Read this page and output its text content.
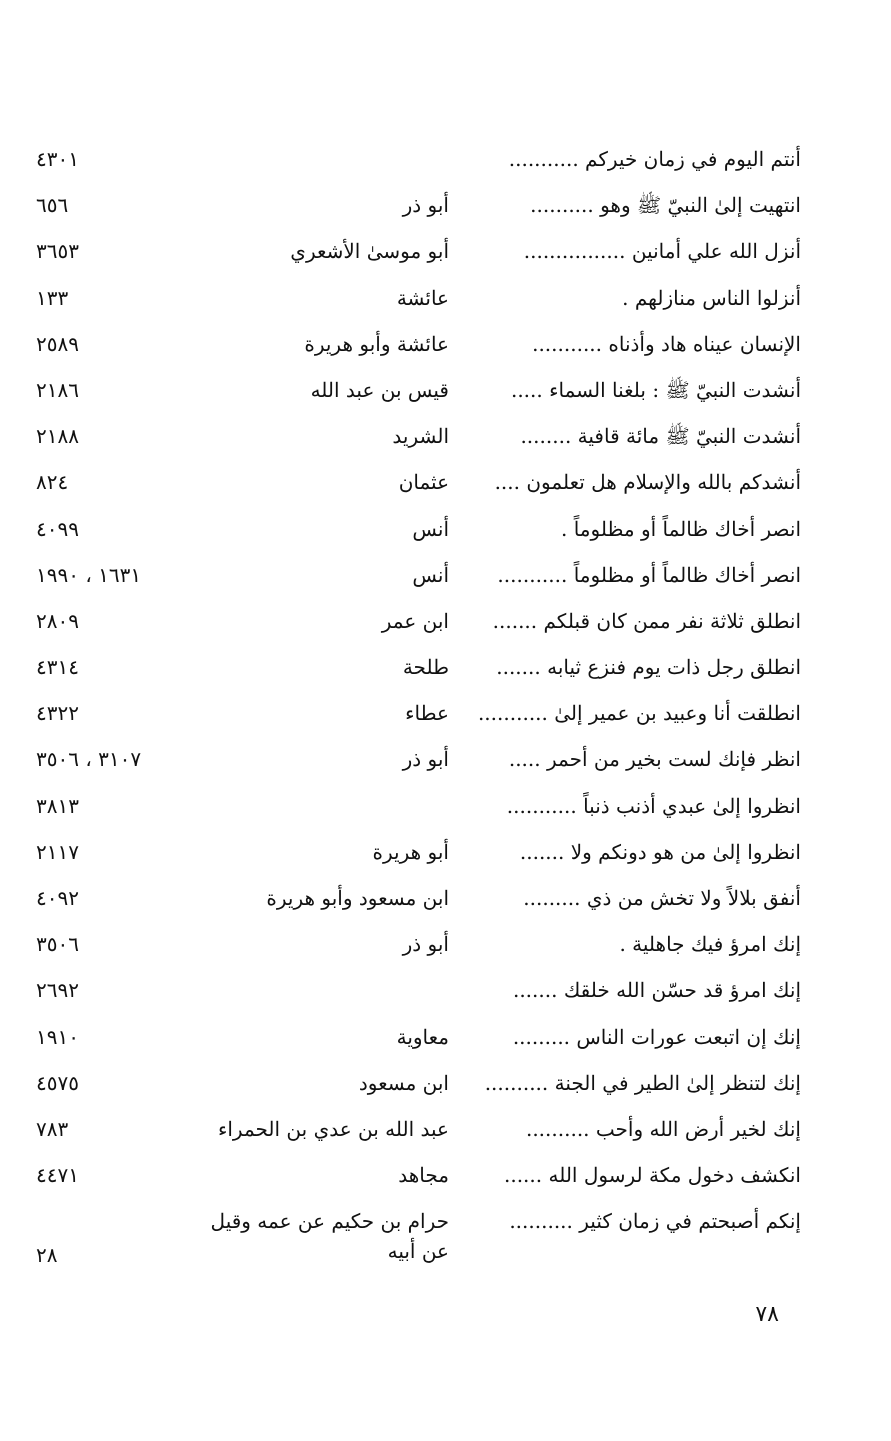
أنتم اليوم في زمان خيركم ...........
٤٣٠١
انتهيت إلىٰ النبيّ ﷺ وهو ..........
أبو ذر
٦٥٦
أنزل الله علي أمانين ................
أبو موسىٰ الأشعري
٣٦٥٣
أنزلوا الناس منازلهم .
عائشة
١٣٣
الإنسان عيناه هاد وأذناه ...........
عائشة وأبو هريرة
٢٥٨٩
أنشدت النبيّ ﷺ : بلغنا السماء .....
قيس بن عبد الله
٢١٨٦
أنشدت النبيّ ﷺ مائة قافية ........
الشريد
٢١٨٨
أنشدكم بالله والإسلام هل تعلمون ....
عثمان
٨٢٤
انصر أخاك ظالماً أو مظلوماً .
أنس
٤٠٩٩
انصر أخاك ظالماً أو مظلوماً ...........
أنس
١٦٣١ ، ١٩٩٠
انطلق ثلاثة نفر ممن كان قبلكم .......
ابن عمر
٢٨٠٩
انطلق رجل ذات يوم فنزع ثيابه .......
طلحة
٤٣١٤
انطلقت أنا وعبيد بن عمير إلىٰ ...........
عطاء
٤٣٢٢
انظر فإنك لست بخير من أحمر .....
أبو ذر
٣١٠٧ ، ٣٥٠٦
انظروا إلىٰ عبدي أذنب ذنباً ...........
٣٨١٣
انظروا إلىٰ من هو دونكم ولا .......
أبو هريرة
٢١١٧
أنفق بلالاً ولا تخش من ذي .........
ابن مسعود وأبو هريرة
٤٠٩٢
إنك امرؤ فيك جاهلية .
أبو ذر
٣٥٠٦
إنك امرؤ قد حسّن الله خلقك .......
٢٦٩٢
إنك إن اتبعت عورات الناس .........
معاوية
١٩١٠
إنك لتنظر إلىٰ الطير في الجنة ..........
ابن مسعود
٤٥٧٥
إنك لخير أرض الله وأحب ..........
عبد الله بن عدي بن الحمراء
٧٨٣
انكشف دخول مكة لرسول الله ......
مجاهد
٤٤٧١
إنكم أصبحتم في زمان كثير ..........
حرام بن حكيم عن عمه وقيل عن أبيه
٢٨
٧٨
